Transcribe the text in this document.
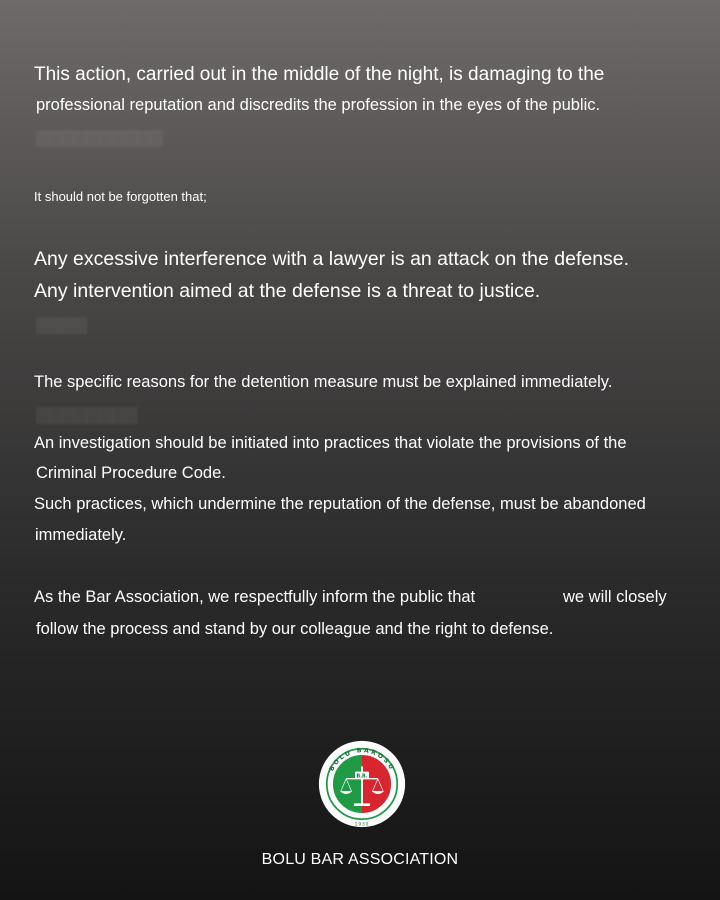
▇▇▇▇▇▇▇▇▇▇
▇▇▇▇
▇▇▇▇▇▇▇▇
This action, carried out in the middle of the night, is damaging to the
professional reputation and discredits the profession in the eyes of the public.
It should not be forgotten that;
Any excessive interference with a lawyer is an attack on the defense.
Any intervention aimed at the defense is a threat to justice.
The specific reasons for the detention measure must be explained immediately.
An investigation should be initiated into practices that violate the provisions of the
Criminal Procedure Code.
Such practices, which undermine the reputation of the defense, must be abandoned
immediately.
As the Bar Association, we respectfully inform the public that	we will closely
follow the process and stand by our colleague and the right to defense.
BOLU BAROSU
1930
B.B.
BOLU BAR ASSOCIATION
